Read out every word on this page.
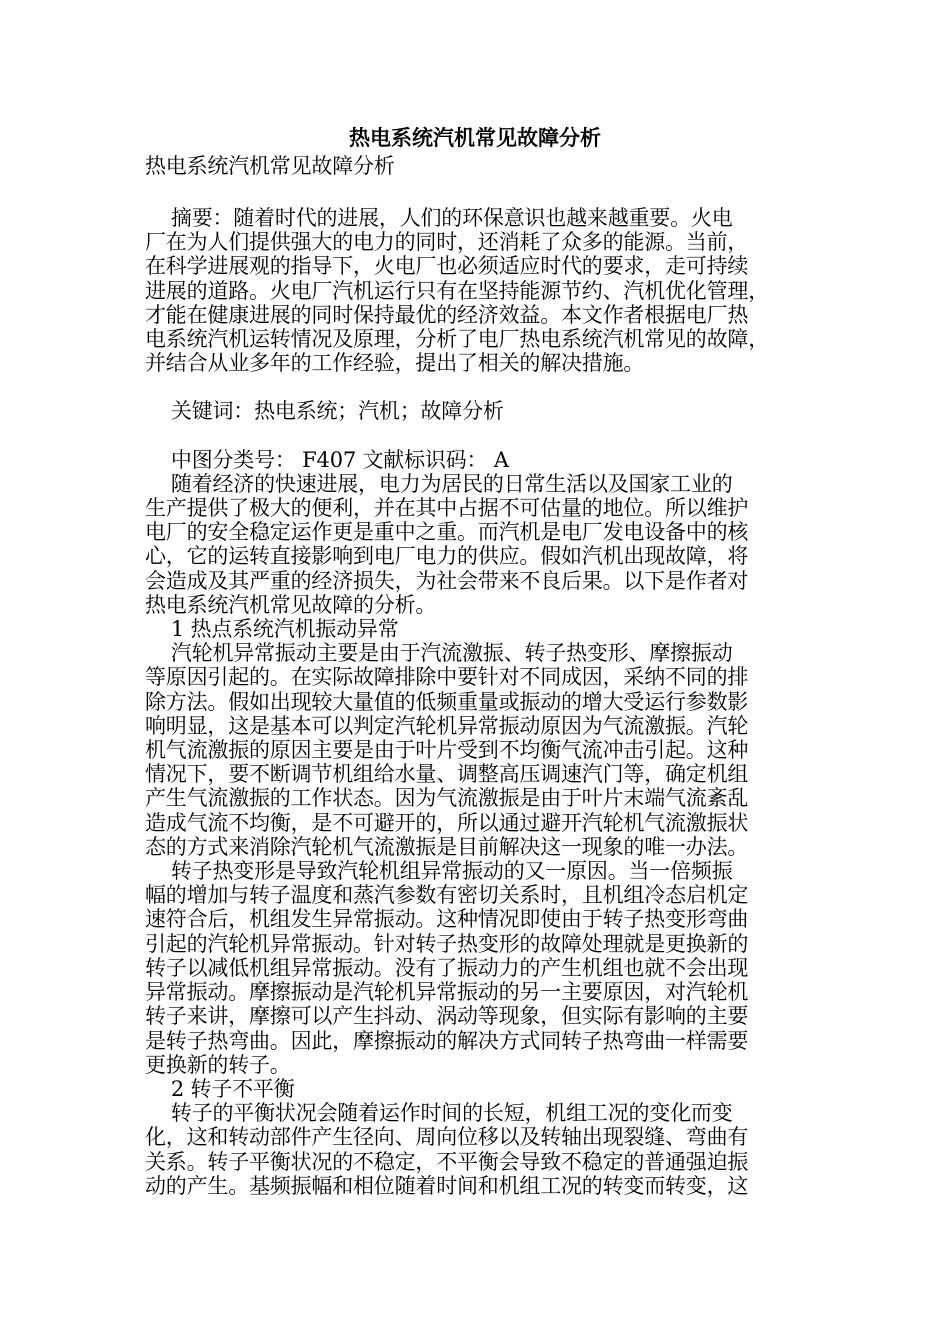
热电系统汽机常见故障分析
热电系统汽机常见故障分析
摘要：随着时代的进展，人们的环保意识也越来越重要。火电
厂在为人们提供强大的电力的同时，还消耗了众多的能源。当前，
在科学进展观的指导下，火电厂也必须适应时代的要求，走可持续
进展的道路。火电厂汽机运行只有在坚持能源节约、汽机优化管理，
才能在健康进展的同时保持最优的经济效益。本文作者根据电厂热
电系统汽机运转情况及原理，分析了电厂热电系统汽机常见的故障，
并结合从业多年的工作经验，提出了相关的解决措施。
关键词：热电系统；汽机；故障分析
中图分类号： F407 文献标识码： A
随着经济的快速进展，电力为居民的日常生活以及国家工业的
生产提供了极大的便利，并在其中占据不可估量的地位。所以维护
电厂的安全稳定运作更是重中之重。而汽机是电厂发电设备中的核
心，它的运转直接影响到电厂电力的供应。假如汽机出现故障，将
会造成及其严重的经济损失，为社会带来不良后果。以下是作者对
热电系统汽机常见故障的分析。
1 热点系统汽机振动异常
汽轮机异常振动主要是由于汽流激振、转子热变形、摩擦振动
等原因引起的。在实际故障排除中要针对不同成因，采纳不同的排
除方法。假如出现较大量值的低频重量或振动的增大受运行参数影
响明显，这是基本可以判定汽轮机异常振动原因为气流激振。汽轮
机气流激振的原因主要是由于叶片受到不均衡气流冲击引起。这种
情况下，要不断调节机组给水量、调整高压调速汽门等，确定机组
产生气流激振的工作状态。因为气流激振是由于叶片末端气流紊乱
造成气流不均衡，是不可避开的，所以通过避开汽轮机气流激振状
态的方式来消除汽轮机气流激振是目前解决这一现象的唯一办法。
转子热变形是导致汽轮机组异常振动的又一原因。当一倍频振
幅的增加与转子温度和蒸汽参数有密切关系时，且机组冷态启机定
速符合后，机组发生异常振动。这种情况即使由于转子热变形弯曲
引起的汽轮机异常振动。针对转子热变形的故障处理就是更换新的
转子以减低机组异常振动。没有了振动力的产生机组也就不会出现
异常振动。摩擦振动是汽轮机异常振动的另一主要原因，对汽轮机
转子来讲，摩擦可以产生抖动、涡动等现象，但实际有影响的主要
是转子热弯曲。因此，摩擦振动的解决方式同转子热弯曲一样需要
更换新的转子。
2 转子不平衡
转子的平衡状况会随着运作时间的长短，机组工况的变化而变
化，这和转动部件产生径向、周向位移以及转轴出现裂缝、弯曲有
关系。转子平衡状况的不稳定，不平衡会导致不稳定的普通强迫振
动的产生。基频振幅和相位随着时间和机组工况的转变而转变，这
